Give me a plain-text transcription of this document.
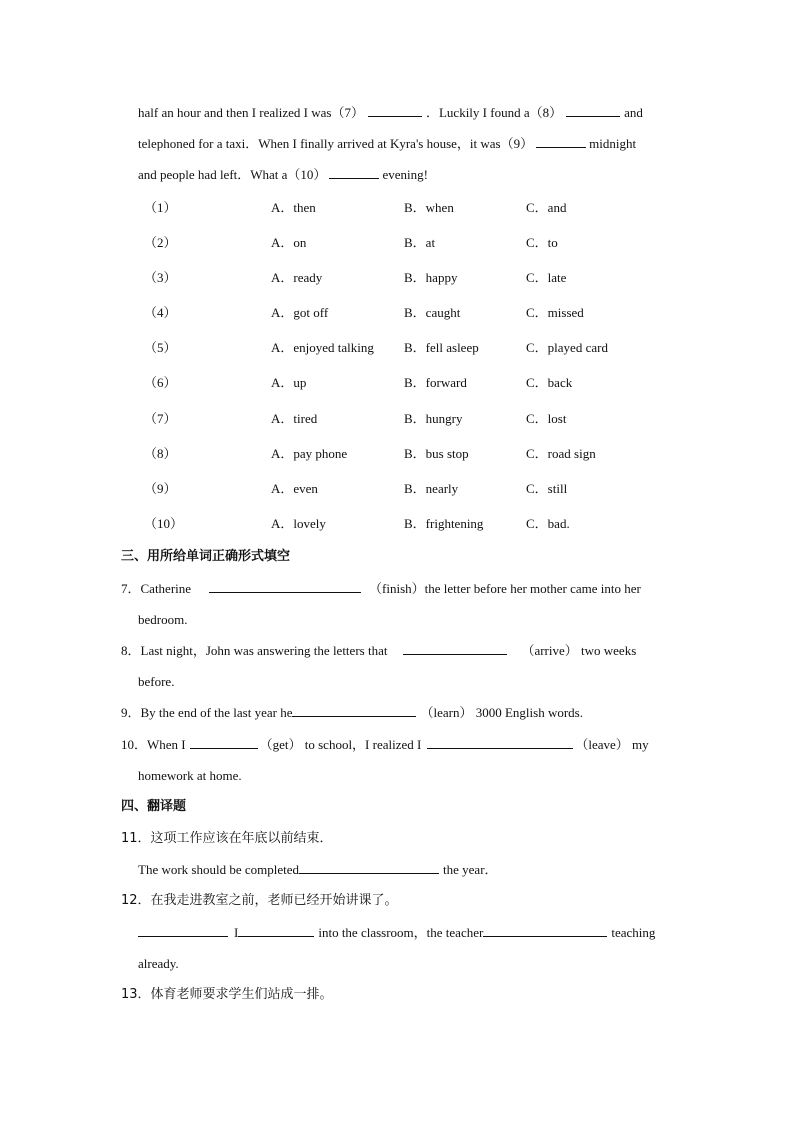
half an hour and then I realized I was（7）	．Luckily I found a（8）	and
telephoned for a taxi．When I finally arrived at Kyra's house，it was（9）	midnight
and people had left．What a（10）	evening!
（1）	A．then	B．when	C．and
（2）	A．on	B．at	C．to
（3）	A．ready	B．happy	C．late
（4）	A．got off	B．caught	C．missed
（5）	A．enjoyed talking B．fell asleep	C．played card
（6）	A．up	B．forward	C．back
（7）	A．tired	B．hungry	C．lost
（8）	A．pay phone	B．bus stop	C．road sign
（9）	A．even	B．nearly	C．still
（10）	A．lovely	B．frightening	C．bad.
三、用所给单词正确形式填空
7．Catherine	（finish）the letter before her mother came into her
bedroom.
8．Last night，John was answering the letters that	（arrive） two weeks
before.
9．By the end of the last year he	（learn） 3000 English words.
10．When I	（get） to school，I realized I	（leave） my
homework at home.
四、翻译题
11．这项工作应该在年底以前结束．
The work should be completed	the year．
12．在我走进教室之前，老师已经开始讲课了。
I	into the classroom，the teacher	teaching
already.
13．体育老师要求学生们站成一排。
